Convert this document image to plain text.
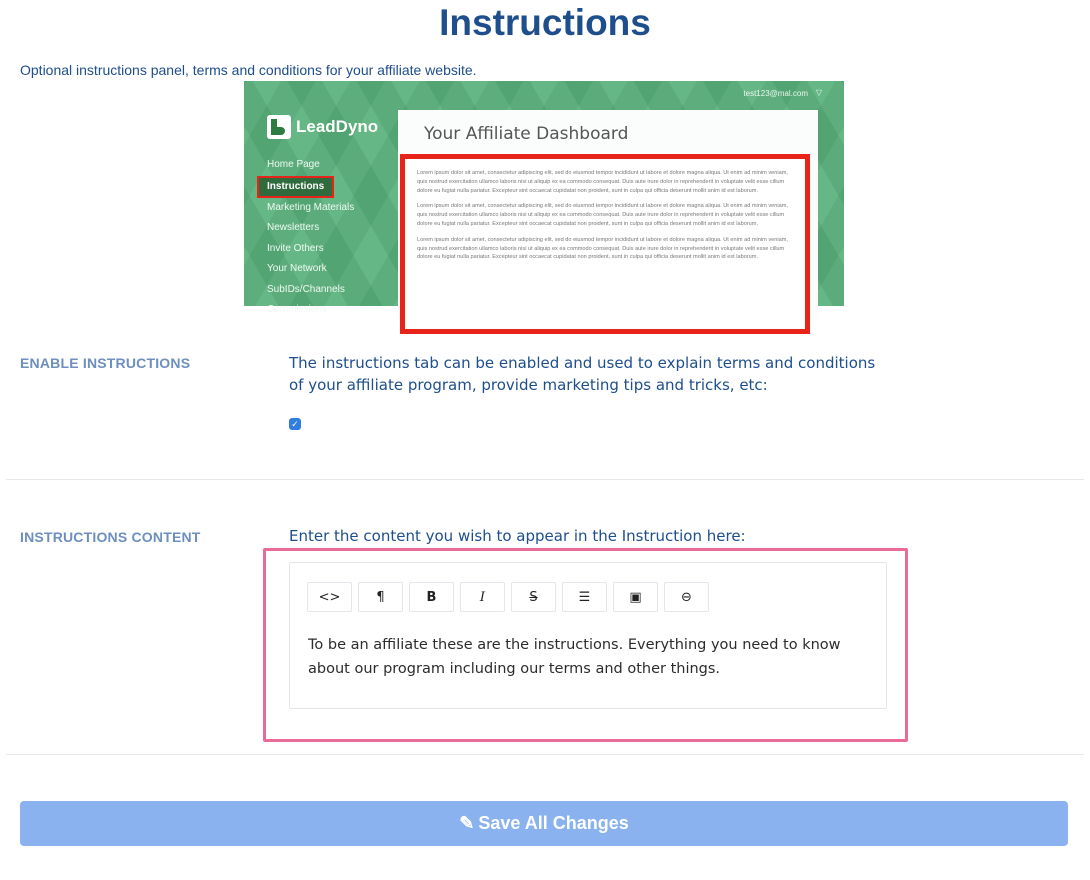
Instructions
Optional instructions panel, terms and conditions for your affiliate website.
test123@mal.com ▽
LeadDyno
Home Page
Instructions
Marketing Materials
Newsletters
Invite Others
Your Network
SubIDs/Channels
Commissions
Your Affiliate Dashboard
Lorem ipsum dolor sit amet, consectetur adipiscing elit, sed do eiusmod tempor incididunt ut labore et dolore magna aliqua. Ut enim ad minim veniam, quis nostrud exercitation ullamco laboris nisi ut aliquip ex ea commodo consequat. Duis aute irure dolor in reprehenderit in voluptate velit esse cillum dolore eu fugiat nulla pariatur. Excepteur sint occaecat cupidatat non proident, sunt in culpa qui officia deserunt mollit anim id est laborum.
Lorem ipsum dolor sit amet, consectetur adipiscing elit, sed do eiusmod tempor incididunt ut labore et dolore magna aliqua. Ut enim ad minim veniam, quis nostrud exercitation ullamco laboris nisi ut aliquip ex ea commodo consequat. Duis aute irure dolor in reprehenderit in voluptate velit esse cillum dolore eu fugiat nulla pariatur. Excepteur sint occaecat cupidatat non proident, sunt in culpa qui officia deserunt mollit anim id est laborum.
Lorem ipsum dolor sit amet, consectetur adipiscing elit, sed do eiusmod tempor incididunt ut labore et dolore magna aliqua. Ut enim ad minim veniam, quis nostrud exercitation ullamco laboris nisi ut aliquip ex ea commodo consequat. Duis aute irure dolor in reprehenderit in voluptate velit esse cillum dolore eu fugiat nulla pariatur. Excepteur sint occaecat cupidatat non proident, sunt in culpa qui officia deserunt mollit anim id est laborum.
ENABLE INSTRUCTIONS	The instructions tab can be enabled and used to explain terms and conditions of your affiliate program, provide marketing tips and tricks, etc:
✓
INSTRUCTIONS CONTENT	Enter the content you wish to appear in the Instruction here:
<>	¶	B	I	S	☰	▣	⊖
To be an affiliate these are the instructions. Everything you need to know about our program including our terms and other things.
✎ Save All Changes
